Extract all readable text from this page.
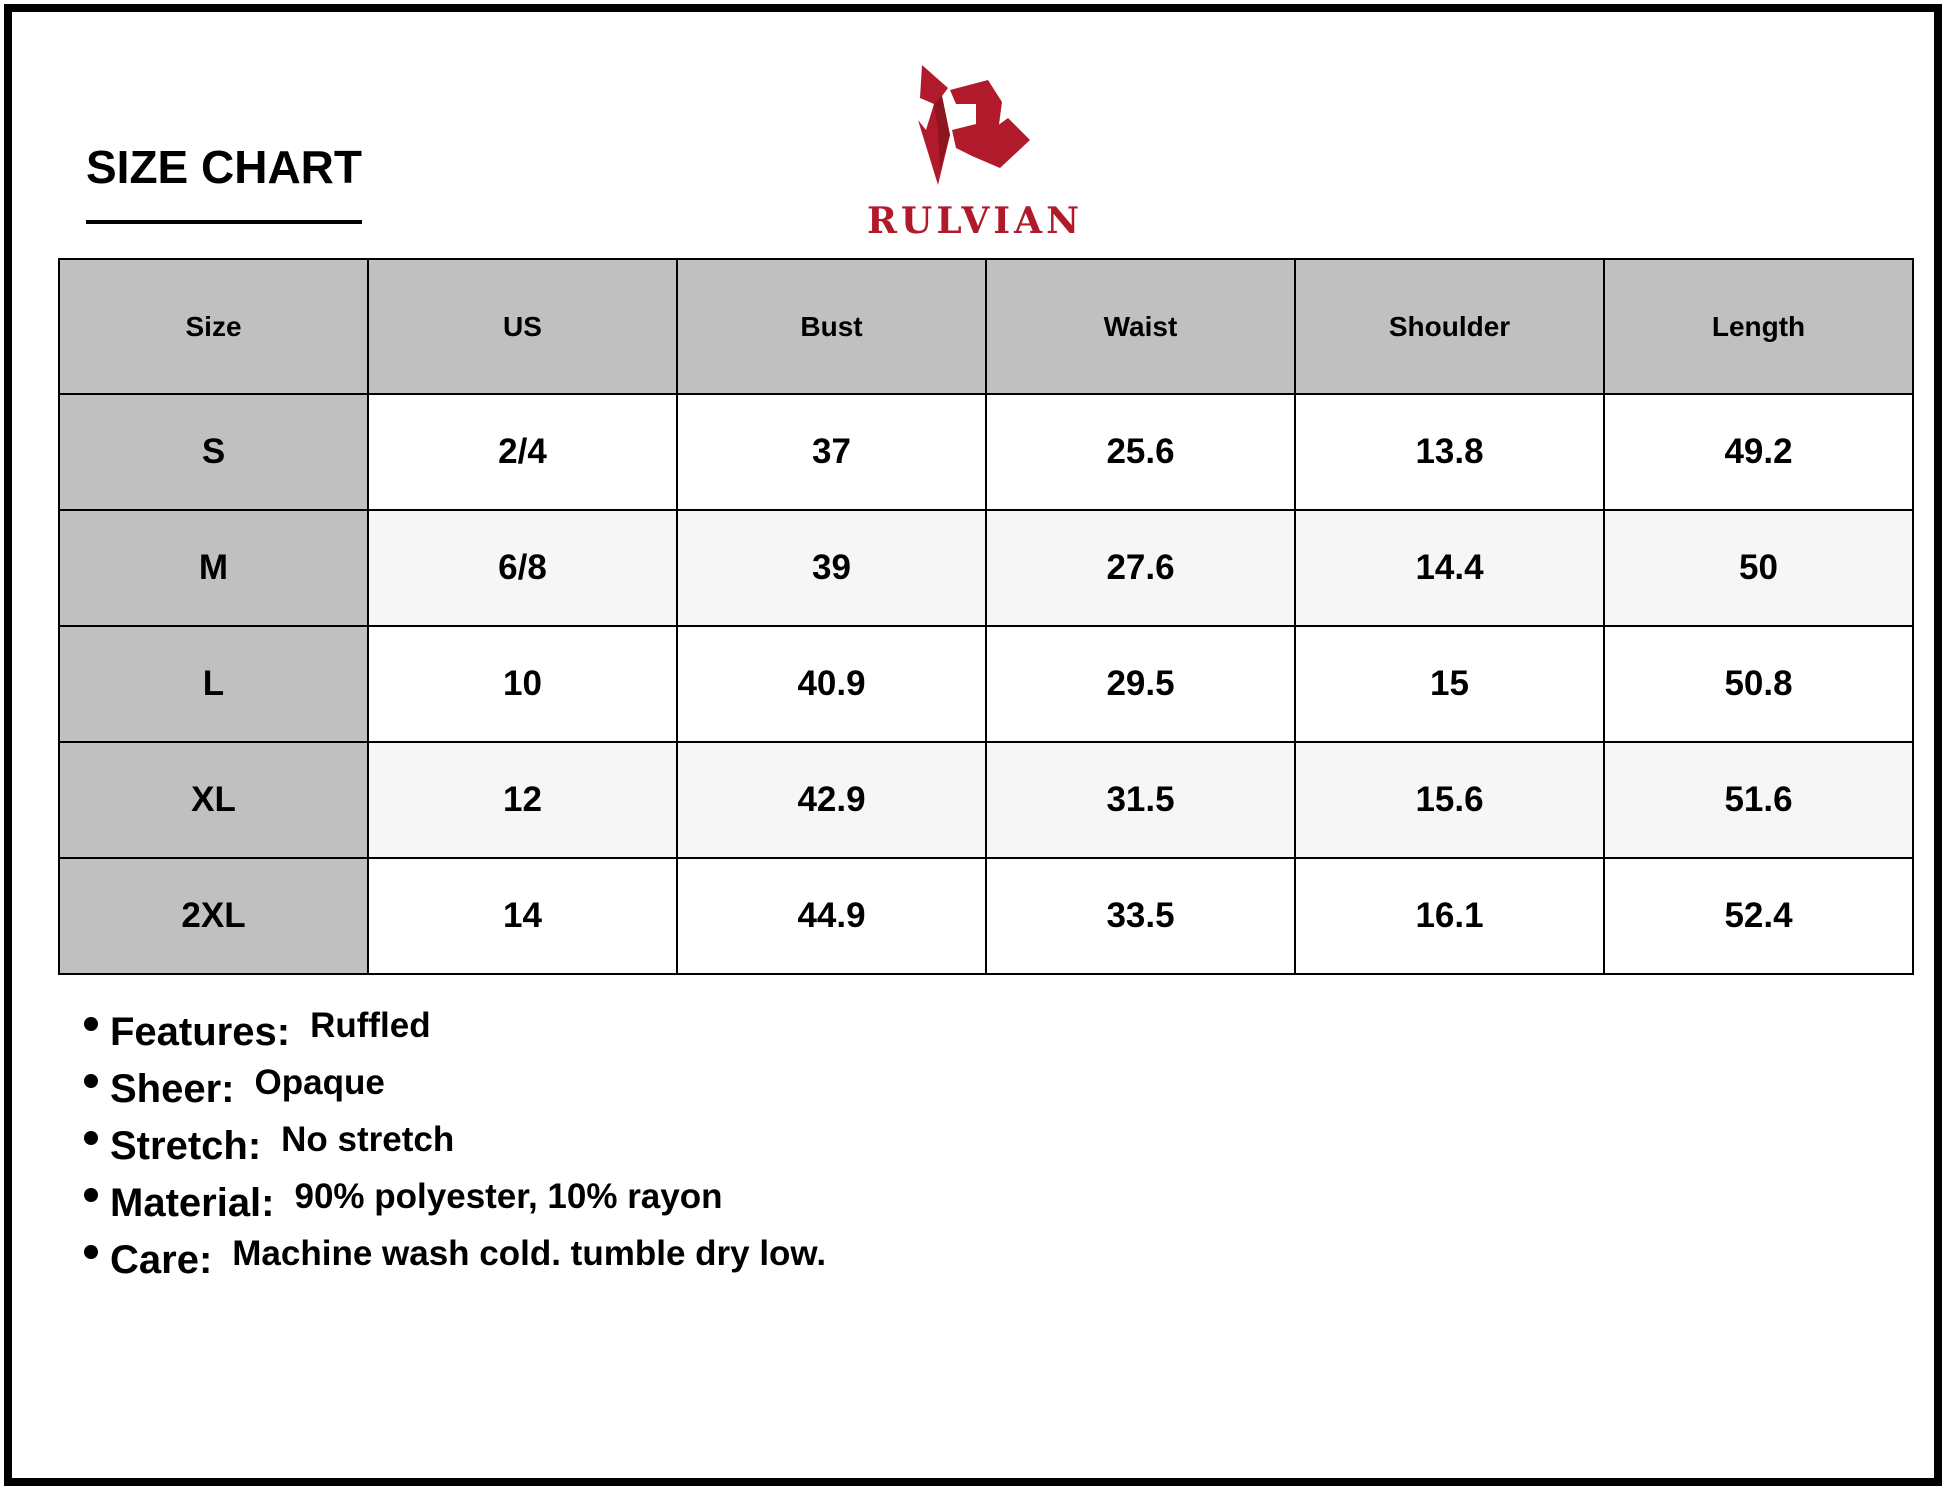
SIZE CHART
RULVIAN
Size	US	Bust	Waist	Shoulder	Length
S	2/4	37	25.6	13.8	49.2
M	6/8	39	27.6	14.4	50
L	10	40.9	29.5	15	50.8
XL	12	42.9	31.5	15.6	51.6
2XL	14	44.9	33.5	16.1	52.4
Features: Ruffled
Sheer: Opaque
Stretch: No stretch
Material: 90% polyester, 10% rayon
Care: Machine wash cold. tumble dry low.
